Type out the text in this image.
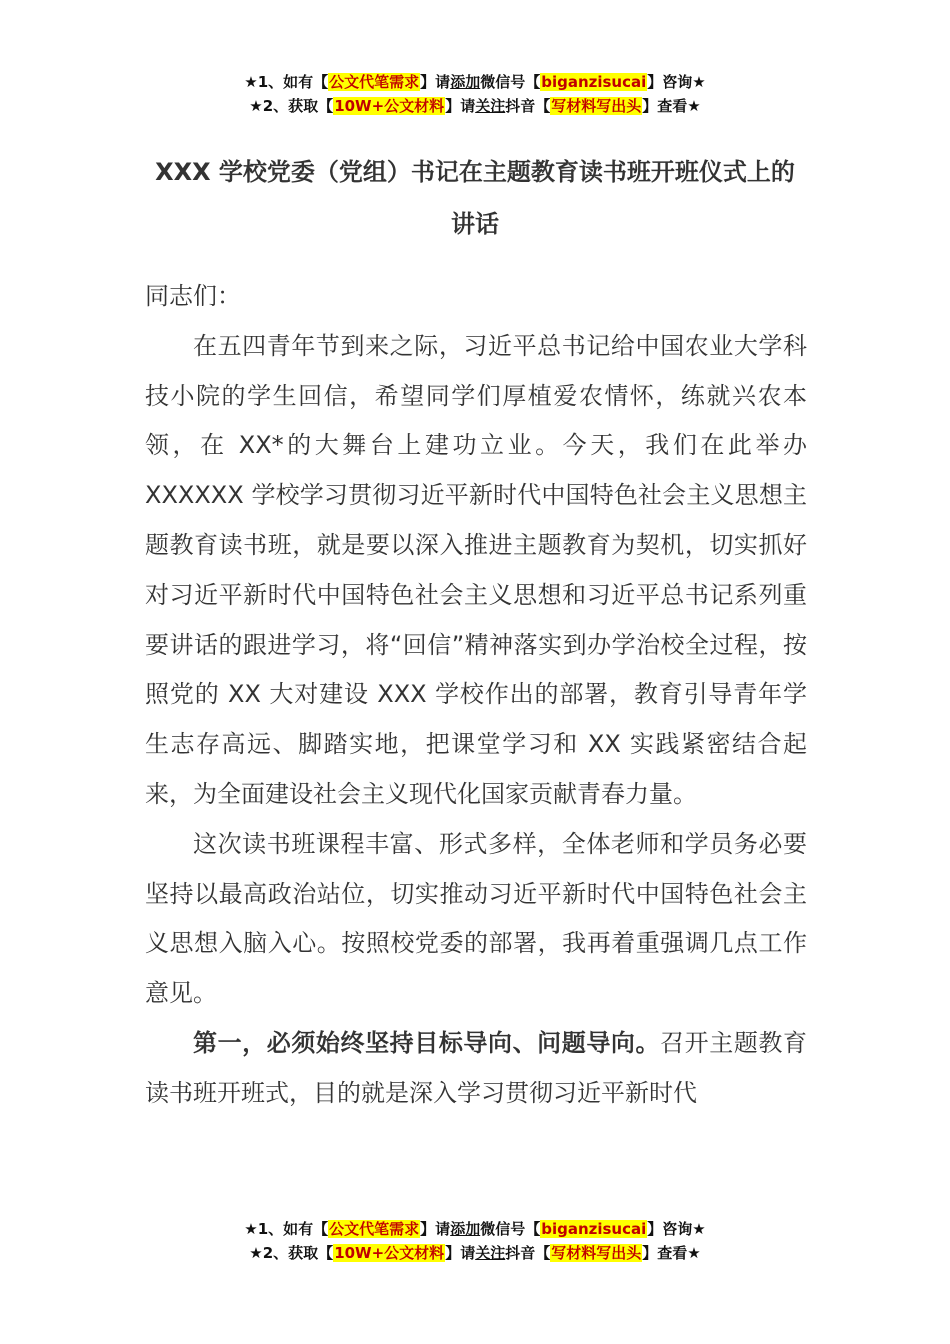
★1、如有【公文代笔需求】请添加微信号【biganzisucai】咨询★
★2、获取【10W+公文材料】请关注抖音【写材料写出头】查看★
XXX 学校党委（党组）书记在主题教育读书班开班仪式上的讲话

同志们：

在五四青年节到来之际，习近平总书记给中国农业大学科技小院的学生回信，希望同学们厚植爱农情怀，练就兴农本领，在 XX*的大舞台上建功立业。今天，我们在此举办 XXXXXX 学校学习贯彻习近平新时代中国特色社会主义思想主题教育读书班，就是要以深入推进主题教育为契机，切实抓好对习近平新时代中国特色社会主义思想和习近平总书记系列重要讲话的跟进学习，将“回信”精神落实到办学治校全过程，按照党的 XX 大对建设 XXX 学校作出的部署，教育引导青年学生志存高远、脚踏实地，把课堂学习和 XX 实践紧密结合起来，为全面建设社会主义现代化国家贡献青春力量。

这次读书班课程丰富、形式多样，全体老师和学员务必要坚持以最高政治站位，切实推动习近平新时代中国特色社会主义思想入脑入心。按照校党委的部署，我再着重强调几点工作意见。

第一，必须始终坚持目标导向、问题导向。召开主题教育读书班开班式，目的就是深入学习贯彻习近平新时代

★1、如有【公文代笔需求】请添加微信号【biganzisucai】咨询★
★2、获取【10W+公文材料】请关注抖音【写材料写出头】查看★
